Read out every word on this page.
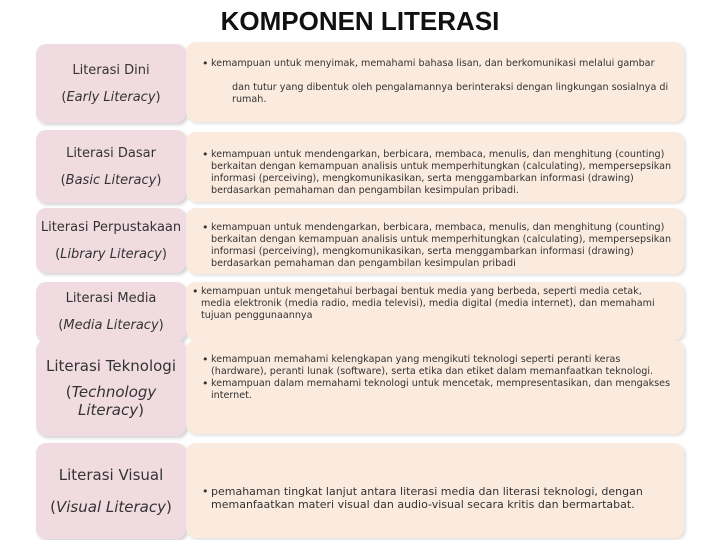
KOMPONEN LITERASI
Literasi Dini
(Early Literacy)
• kemampuan untuk menyimak, memahami bahasa lisan, dan berkomunikasi melalui gambar
dan tutur yang dibentuk oleh pengalamannya berinteraksi dengan lingkungan sosialnya di rumah.
Literasi Dasar
(Basic Literacy)
• kemampuan untuk mendengarkan, berbicara, membaca, menulis, dan menghitung (counting) berkaitan dengan kemampuan analisis untuk memperhitungkan (calculating), mempersepsikan informasi (perceiving), mengkomunikasikan, serta menggambarkan informasi (drawing) berdasarkan pemahaman dan pengambilan kesimpulan pribadi.
Literasi Perpustakaan
(Library Literacy)
• kemampuan untuk mendengarkan, berbicara, membaca, menulis, dan menghitung (counting) berkaitan dengan kemampuan analisis untuk memperhitungkan (calculating), mempersepsikan informasi (perceiving), mengkomunikasikan, serta menggambarkan informasi (drawing) berdasarkan pemahaman dan pengambilan kesimpulan pribadi
Literasi Media
(Media Literacy)
• kemampuan untuk mengetahui berbagai bentuk media yang berbeda, seperti media cetak, media elektronik (media radio, media televisi), media digital (media internet), dan memahami tujuan penggunaannya
Literasi Teknologi
(Technology Literacy)
• kemampuan memahami kelengkapan yang mengikuti teknologi seperti peranti keras (hardware), peranti lunak (software), serta etika dan etiket dalam memanfaatkan teknologi.
• kemampuan dalam memahami teknologi untuk mencetak, mempresentasikan, dan mengakses internet.
Literasi Visual
(Visual Literacy)
• pemahaman tingkat lanjut antara literasi media dan literasi teknologi, dengan memanfaatkan materi visual dan audio-visual secara kritis dan bermartabat.
